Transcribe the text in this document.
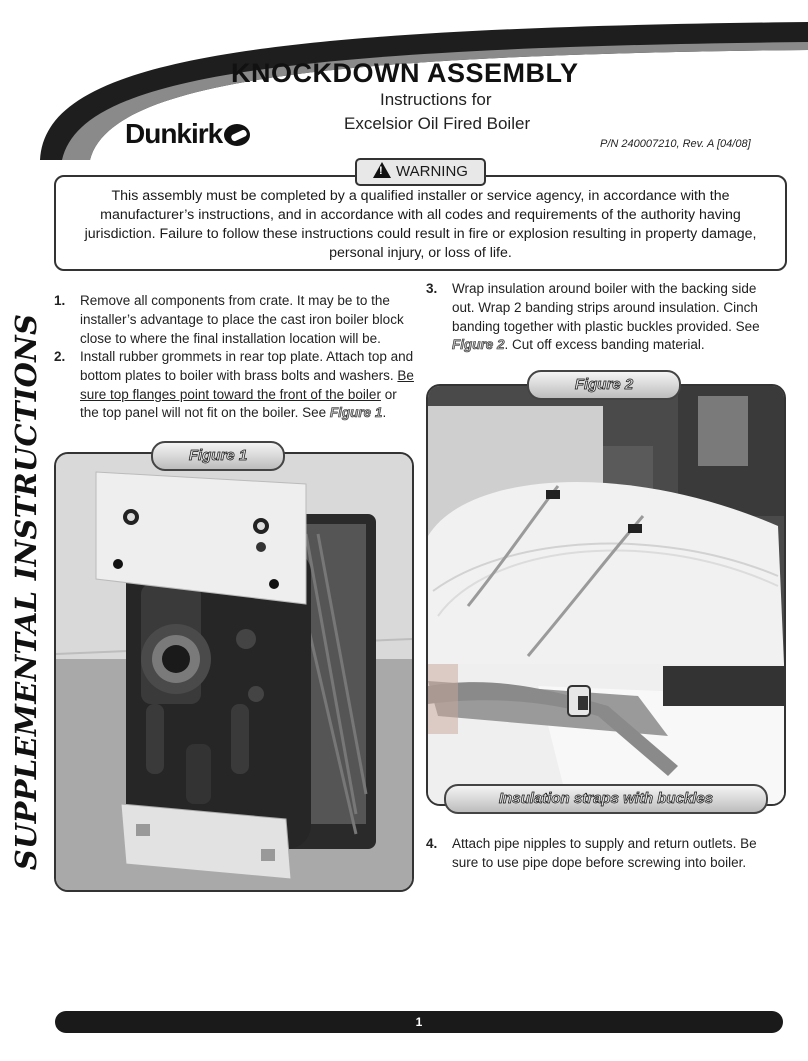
Dunkirk
KNOCKDOWN ASSEMBLY
Instructions for
Excelsior Oil Fired Boiler
P/N 240007210, Rev. A [04/08]
!WARNING

This assembly must be completed by a qualified installer or service agency, in accordance with the manufacturer’s instructions, and in accordance with all codes and requirements of the authority having jurisdiction. Failure to follow these instructions could result in fire or explosion resulting in property damage, personal injury, or loss of life.

SUPPLEMENTAL INSTRUCTIONS
1. Remove all components from crate. It may be to the installer’s advantage to place the cast iron boiler block close to where the final installation location will be.
2. Install rubber grommets in rear top plate. Attach top and bottom plates to boiler with brass bolts and washers. Be sure top flanges point toward the front of the boiler or the top panel will not fit on the boiler. See Figure 1.
3. Wrap insulation around boiler with the backing side out. Wrap 2 banding strips around insulation. Cinch banding together with plastic buckles provided. See Figure 2. Cut off excess banding material.
4. Attach pipe nipples to supply and return outlets. Be sure to use pipe dope before screwing into boiler.
Figure 1
Figure 2
Insulation straps with buckles
1
